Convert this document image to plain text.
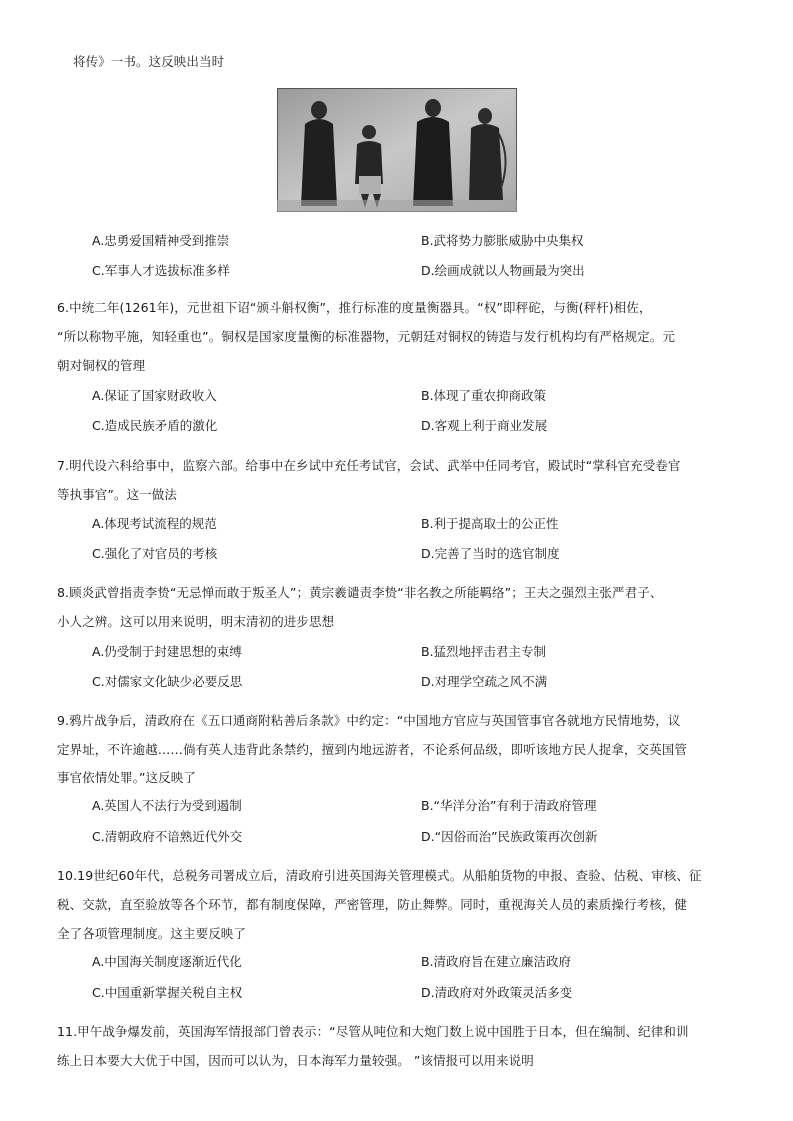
将传》一书。这反映出当时
A.忠勇爱国精神受到推崇	B.武将势力膨胀威胁中央集权
C.军事人才选拔标准多样	D.绘画成就以人物画最为突出
6.中统二年(1261年)，元世祖下诏“颁斗斛权衡”，推行标准的度量衡器具。“权”即秤砣，与衡(秤杆)相佐，
“所以称物平施，知轻重也”。铜权是国家度量衡的标准器物，元朝廷对铜权的铸造与发行机构均有严格规定。元
朝对铜权的管理
A.保证了国家财政收入	B.体现了重农抑商政策
C.造成民族矛盾的激化	D.客观上利于商业发展
7.明代设六科给事中，监察六部。给事中在乡试中充任考试官，会试、武举中任同考官，殿试时“掌科官充受卷官
等执事官”。这一做法
A.体现考试流程的规范	B.利于提高取士的公正性
C.强化了对官员的考核	D.完善了当时的选官制度
8.顾炎武曾指责李贽“无忌惮而敢于叛圣人”；黄宗羲谴责李贽“非名教之所能羁络”；王夫之强烈主张严君子、
小人之辨。这可以用来说明，明末清初的进步思想
A.仍受制于封建思想的束缚	B.猛烈地抨击君主专制
C.对儒家文化缺少必要反思	D.对理学空疏之风不满
9.鸦片战争后，清政府在《五口通商附粘善后条款》中约定：“中国地方官应与英国管事官各就地方民情地势，议
定界址，不许逾越……倘有英人违背此条禁约，擅到内地远游者，不论系何品级，即听该地方民人捉拿，交英国管
事官依情处罪。”这反映了
A.英国人不法行为受到遏制	B.“华洋分治”有利于清政府管理
C.清朝政府不谙熟近代外交	D.“因俗而治”民族政策再次创新
10.19世纪60年代，总税务司署成立后，清政府引进英国海关管理模式。从船舶货物的申报、查验、估税、审核、征
税、交款，直至验放等各个环节，都有制度保障，严密管理，防止舞弊。同时，重视海关人员的素质操行考核，健
全了各项管理制度。这主要反映了
A.中国海关制度逐渐近代化	B.清政府旨在建立廉洁政府
C.中国重新掌握关税自主权	D.清政府对外政策灵活多变
11.甲午战争爆发前，英国海军情报部门曾表示：“尽管从吨位和大炮门数上说中国胜于日本，但在编制、纪律和训
练上日本要大大优于中国，因而可以认为，日本海军力量较强。 ”该情报可以用来说明
